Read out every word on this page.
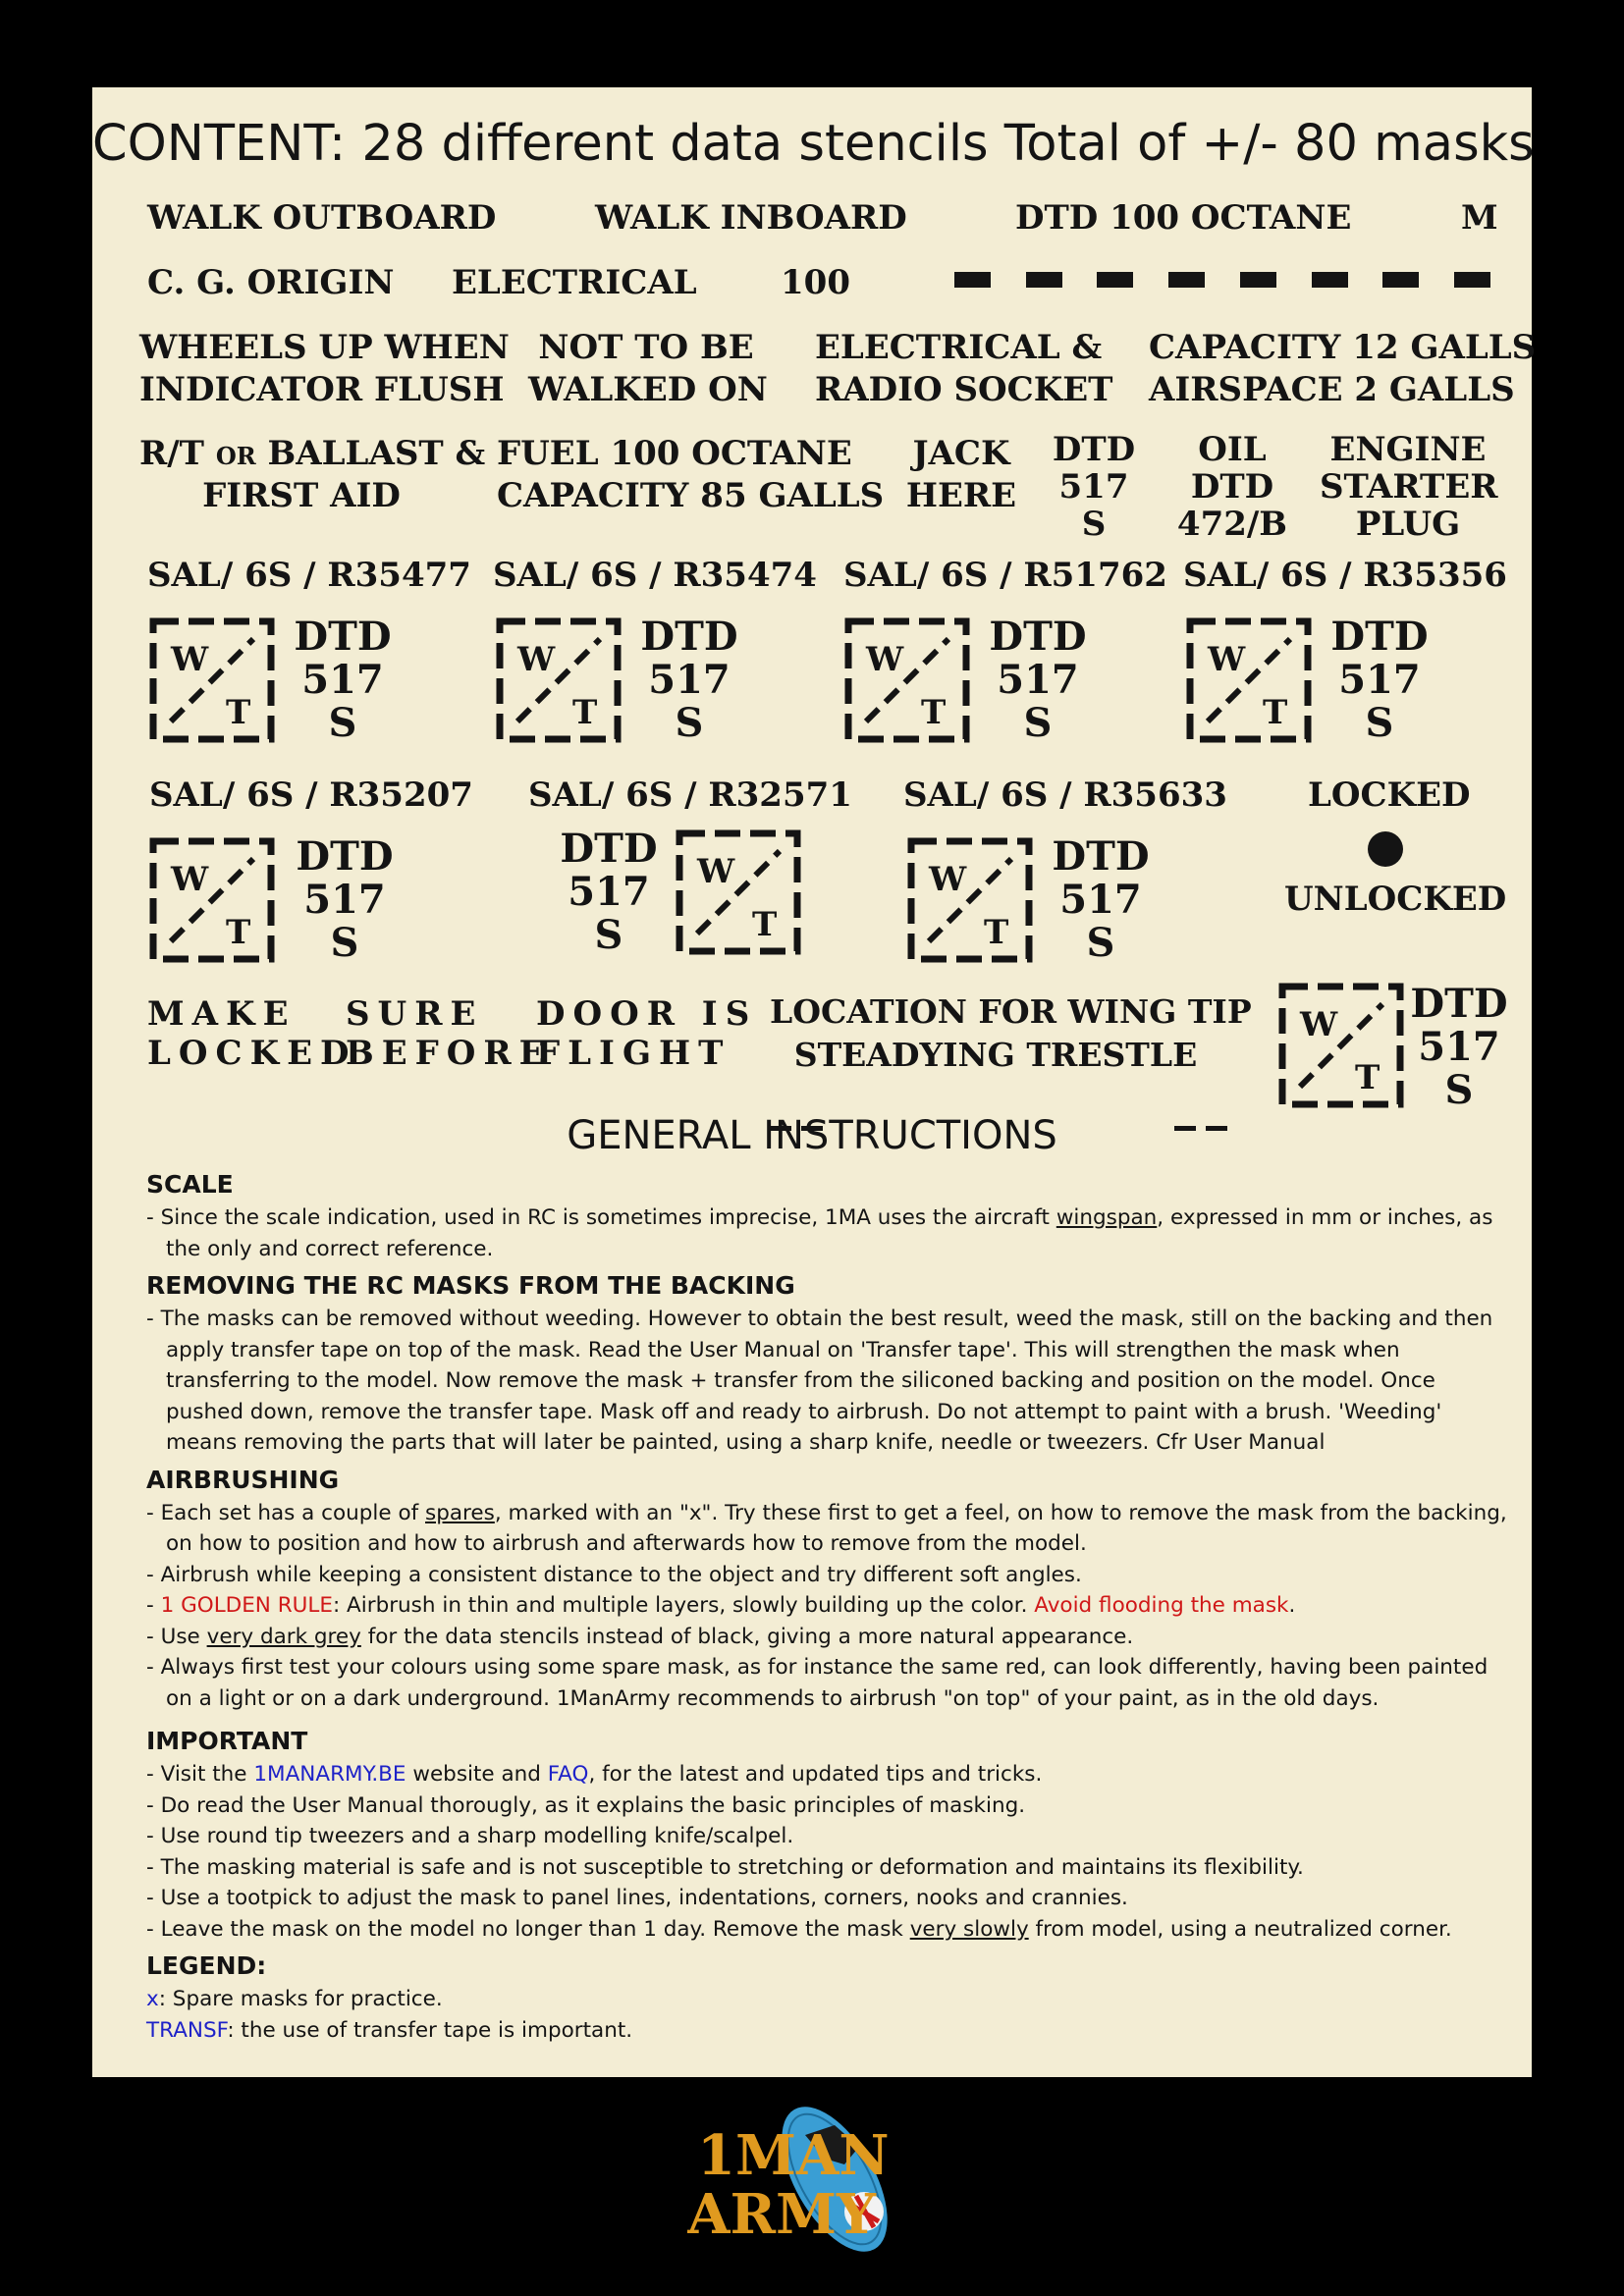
CONTENT: 28 different data stencils Total of +/- 80 masks
WALK OUTBOARD	WALK INBOARD	DTD 100 OCTANE	M
C. G. ORIGIN ELECTRICAL	100
WHEELS UP WHEN
INDICATOR FLUSH
NOT TO BE
WALKED ON
ELECTRICAL &
RADIO SOCKET
CAPACITY 12 GALLS
AIRSPACE 2 GALLS
R/T OR BALLAST &
FIRST AID
FUEL 100 OCTANE
CAPACITY 85 GALLS
JACK
HERE
DTD
517
S
OIL
DTD
472/B
ENGINE
STARTER
PLUG
SAL/ 6S / R35477 SAL/ 6S / R35474 SAL/ 6S / R51762 SAL/ 6S / R35356
W
T
DTD
517
S
W
T
DTD
517
S
W
T
DTD
517
S
W
T
DTD
517
S
SAL/ 6S / R35207 SAL/ 6S / R32571 SAL/ 6S / R35633 LOCKED
UNLOCKED
W
T
DTD
517
S
DTD
517
S
W
T
W
T
DTD
517
S
MAKE
LOCKED
SURE
BEFORE
DOOR IS
FLIGHT
LOCATION FOR WING TIP
STEADYING TRESTLE
W
T
DTD
517
S
GENERAL INSTRUCTIONS
SCALE

- Since the scale indication, used in RC is sometimes imprecise, 1MA uses the aircraft wingspan, expressed in mm or inches, as the only and correct reference.

REMOVING THE RC MASKS FROM THE BACKING

- The masks can be removed without weeding. However to obtain the best result, weed the mask, still on the backing and then apply transfer tape on top of the mask. Read the User Manual on 'Transfer tape'. This will strengthen the mask when transferring to the model. Now remove the mask + transfer from the siliconed backing and position on the model. Once pushed down, remove the transfer tape. Mask off and ready to airbrush. Do not attempt to paint with a brush. 'Weeding' means removing the parts that will later be painted, using a sharp knife, needle or tweezers. Cfr User Manual

AIRBRUSHING

- Each set has a couple of spares, marked with an "x". Try these first to get a feel, on how to remove the mask from the backing, on how to position and how to airbrush and afterwards how to remove from the model.

- Airbrush while keeping a consistent distance to the object and try different soft angles.

- 1 GOLDEN RULE: Airbrush in thin and multiple layers, slowly building up the color. Avoid flooding the mask.

- Use very dark grey for the data stencils instead of black, giving a more natural appearance.

- Always first test your colours using some spare mask, as for instance the same red, can look differently, having been painted on a light or on a dark underground. 1ManArmy recommends to airbrush "on top" of your paint, as in the old days.

IMPORTANT

- Visit the 1MANARMY.BE website and FAQ, for the latest and updated tips and tricks.

- Do read the User Manual thorougly, as it explains the basic principles of masking.

- Use round tip tweezers and a sharp modelling knife/scalpel.

- The masking material is safe and is not susceptible to stretching or deformation and maintains its flexibility.

- Use a tootpick to adjust the mask to panel lines, indentations, corners, nooks and crannies.

- Leave the mask on the model no longer than 1 day. Remove the mask very slowly from model, using a neutralized corner.

LEGEND:
x: Spare masks for practice.
TRANSF: the use of transfer tape is important.
1MAN
ARMY
